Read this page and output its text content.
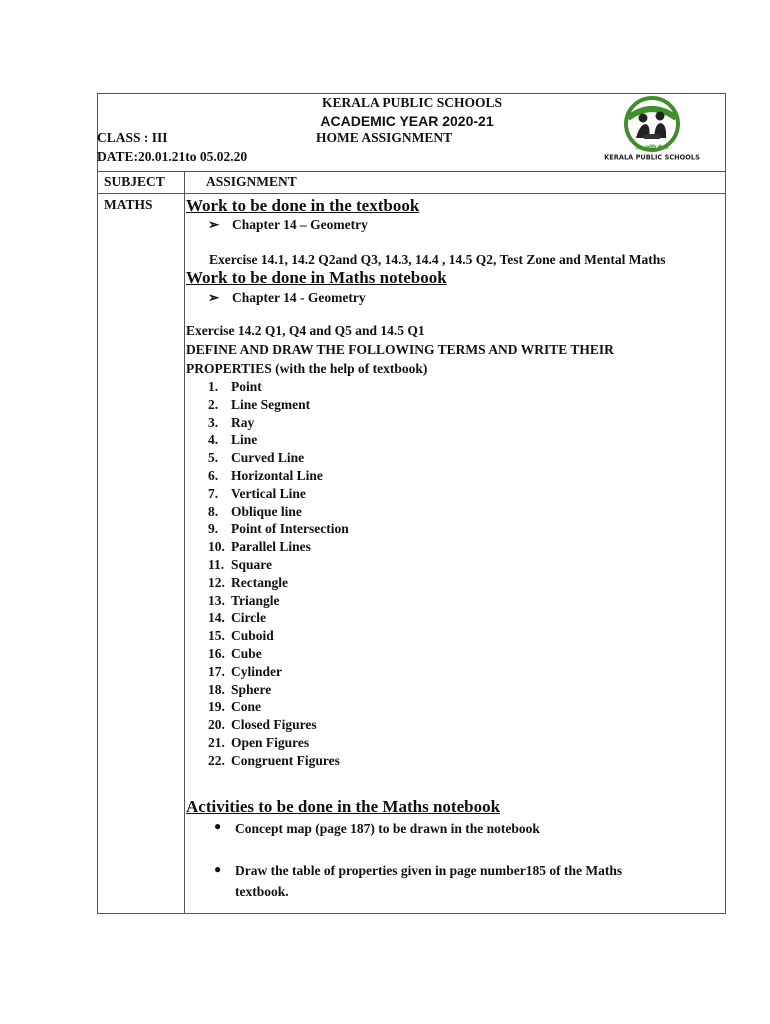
KERALA PUBLIC SCHOOLS
ACADEMIC YEAR 2020-21
HOME ASSIGNMENT
CLASS : III
DATE:20.01.21to 05.02.20
ज्ञान ज्योति दीपक
KERALA PUBLIC SCHOOLS
SUBJECT	ASSIGNMENT
MATHS Work to be done in the textbook
➢ Chapter 14 – Geometry
Exercise 14.1, 14.2 Q2and Q3, 14.3, 14.4 , 14.5 Q2, Test Zone and Mental Maths
Work to be done in Maths notebook
➢ Chapter 14 - Geometry
Exercise 14.2 Q1, Q4 and Q5 and 14.5 Q1
DEFINE AND DRAW THE FOLLOWING TERMS AND WRITE THEIR
PROPERTIES (with the help of textbook)
1. Point
2. Line Segment
3. Ray
4. Line
5. Curved Line
6. Horizontal Line
7. Vertical Line
8. Oblique line
9. Point of Intersection
10. Parallel Lines
11. Square
12. Rectangle
13. Triangle
14. Circle
15. Cuboid
16. Cube
17. Cylinder
18. Sphere
19. Cone
20. Closed Figures
21. Open Figures
22. Congruent Figures
Activities to be done in the Maths notebook
● Concept map (page 187) to be drawn in the notebook
● Draw the table of properties given in page number185 of the Maths textbook.
